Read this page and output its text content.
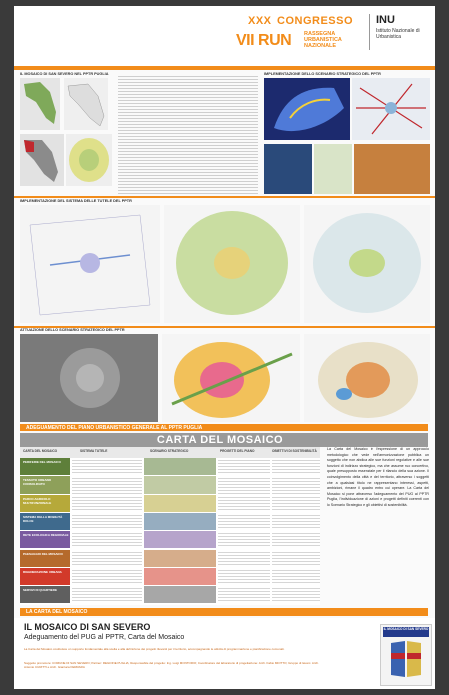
XXX CONGRESSO
VII RUN RASSEGNA URBANISTICA NAZIONALE
INU
Istituto Nazionale di Urbanistica
IL MOSAICO DI SAN SEVERO NEL PPTR PUGLIA	IMPLEMENTAZIONE DELLO SCENARIO STRATEGICO DEL PPTR
IMPLEMENTAZIONE DEL SISTEMA DELLE TUTELE DEL PPTR
ATTUAZIONE DELLO SCENARIO STRATEGICO DEL PPTR
ADEGUAMENTO DEL PIANO URBANISTICO GENERALE AL PPTR PUGLIA
CARTA DEL MOSAICO
CARTA DEL MOSAICO	SISTEMA TUTELE	SCENARIO STRATEGICO	PROGETTI DEL PIANO	OBIETTIVI DI SOSTENIBILITÀ
PERIFERIE DEL MOSAICO
TESSUTO URBANO CONSOLIDATO
PARCO AGRICOLO MULTIFUNZIONALE
SISTEMA DELLA MOBILITÀ DOLCE
RETE ECOLOGICA REGIONALE
PAESAGGIO DEL MOSAICO
RIGENERAZIONE URBANA
SERVIZI DI QUARTIERE
La Carta del Mosaico è l'espressione di un approccio metodologico che vede nell'armonizzazione pubblica un soggetto che non abdica alle sue funzioni regolative e alle sue funzioni di indirizzo strategico, ma che assume ruo concertivo, quale presupposto essenziale per il rilancio della sua azione. Il coinvolgimento della città e del territorio, attraverso i soggetti che a qualsiasi titolo ne rappresentano interessi, aspetti, ambizioni, rimane il quadro entro cui operare. La Carta del Mosaico si pone attraverso l'adeguamento del PUG al PPTR Puglia, l'individuazione di azioni e progetti definiti coerenti con lo Scenario Strategico e gli obiettivi di sostenibilità.
LA CARTA DEL MOSAICO
IL MOSAICO DI SAN SEVERO
Adeguamento del PUG al PPTR, Carta del Mosaico
La Carta del Mosaico costituisce un supporto fondamentale alla scelta e alla definizione dei progetti rilevanti per il territorio, accompagnando le attività di programmazione e pianificazione comunali.
Soggetto promotore: COMUNE DI SAN SEVERO; Partner: REGIONE PUGLIA; Responsabile del progetto: Ing. Luigi MONTORIO; Coordinatore del laboratorio di progettazione: Arch. Fabio MIOTTO; Gruppo di lavoro: Arch. Antonio CURITTI e Arch. Gianluca FERRARA
IL MOSAICO DI SAN SEVERO
